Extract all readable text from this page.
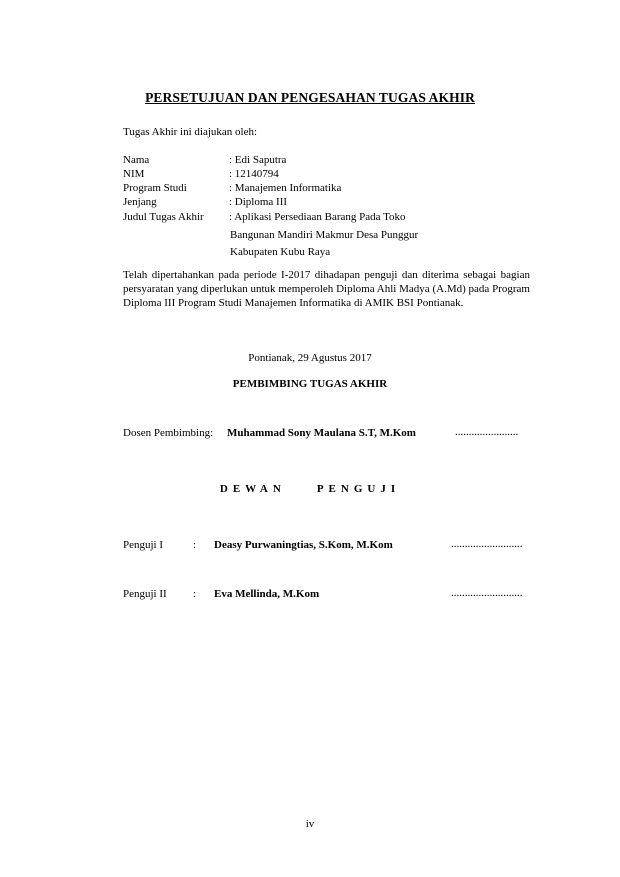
PERSETUJUAN DAN PENGESAHAN TUGAS AKHIR
Tugas Akhir ini diajukan oleh:
Nama	: Edi Saputra
NIM	: 12140794
Program Studi	: Manajemen Informatika
Jenjang	: Diploma III
Judul Tugas Akhir : Aplikasi Persediaan Barang Pada Toko
Bangunan Mandiri Makmur Desa Punggur
Kabupaten Kubu Raya
Telah dipertahankan pada periode I-2017 dihadapan penguji dan diterima sebagai bagian persyaratan yang diperlukan untuk memperoleh Diploma Ahli Madya (A.Md) pada Program Diploma III Program Studi Manajemen Informatika di AMIK BSI Pontianak.
Pontianak, 29 Agustus 2017
PEMBIMBING TUGAS AKHIR
Dosen Pembimbing: Muhammad Sony Maulana S.T, M.Kom	.......................
DEWAN    PENGUJI
Penguji I	: Deasy Purwaningtias, S.Kom, M.Kom	..........................
Penguji II : Eva Mellinda, M.Kom	..........................
iv
